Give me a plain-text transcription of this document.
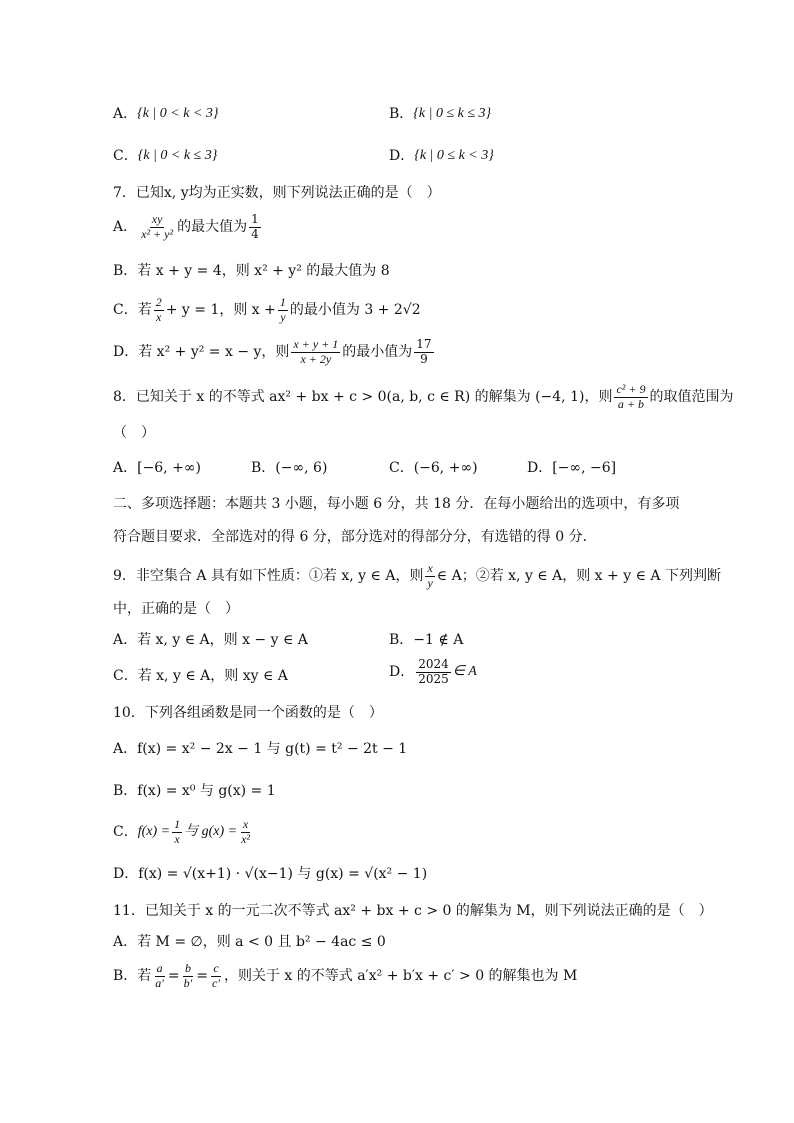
A． {k | 0 < k < 3}	B． {k | 0 ≤ k ≤ 3}
C． {k | 0 < k ≤ 3}	D． {k | 0 ≤ k < 3}
7．已知x, y均为正实数，则下列说法正确的是（　）
A． $\frac{xy}{\text{x² + y²}}$ 的最大值为 $\frac{1}{4}$
B． 若 x + y = 4，则 x² + y² 的最大值为 8
C． 若 $\frac{2}{x} + y = 1$，则 $x + \frac{1}{y}$ 的最小值为 3 + 2√2
D． 若 x² + y² = x − y，则 $\frac{x + y + 1}{x + 2y}$ 的最小值为 $\frac{17}{9}$
8．已知关于 x 的不等式 ax² + bx + c > 0(a, b, c ∈ R) 的解集为 (−4, 1)，则 $\frac{\text{c² + 9}}{a + b}$ 的取值范围为
（　）
A．[−6, +∞)	B．(−∞, 6)	C．(−6, +∞)	D．[−∞, −6]
二、多项选择题：本题共 3 小题，每小题 6 分，共 18 分．在每小题给出的选项中，有多项
符合题目要求．全部选对的得 6 分，部分选对的得部分分，有选错的得 0 分．
9．非空集合 A 具有如下性质：①若 x, y ∈ A，则 $\frac{x}{y}$ ∈ A；②若 x, y ∈ A，则 x + y ∈ A 下列判断
中，正确的是（　）
A．若 x, y ∈ A，则 x − y ∈ A	B．−1 ∉ A
C．若 x, y ∈ A，则 xy ∈ A	D． $\frac{2024}{2025}$ ∈ A
10．下列各组函数是同一个函数的是（　）
A．f(x) = x² − 2x − 1 与 g(t) = t² − 2t − 1
B．f(x) = x⁰ 与 g(x) = 1
C． $f(x) = \frac{1}{x}$ 与 $g(x) = \frac{x}{\text{x²}}$
D．f(x) = √(x+1) · √(x−1) 与 g(x) = √(x² − 1)
11．已知关于 x 的一元二次不等式 ax² + bx + c > 0 的解集为 M，则下列说法正确的是（　）
A．若 M = ∅，则 a < 0 且 b² − 4ac ≤ 0
B． 若 $\frac{a}{a'} = \frac{b}{b'} = \frac{c}{c'}$ ，则关于 x 的不等式 a′x² + b′x + c′ > 0 的解集也为 M
